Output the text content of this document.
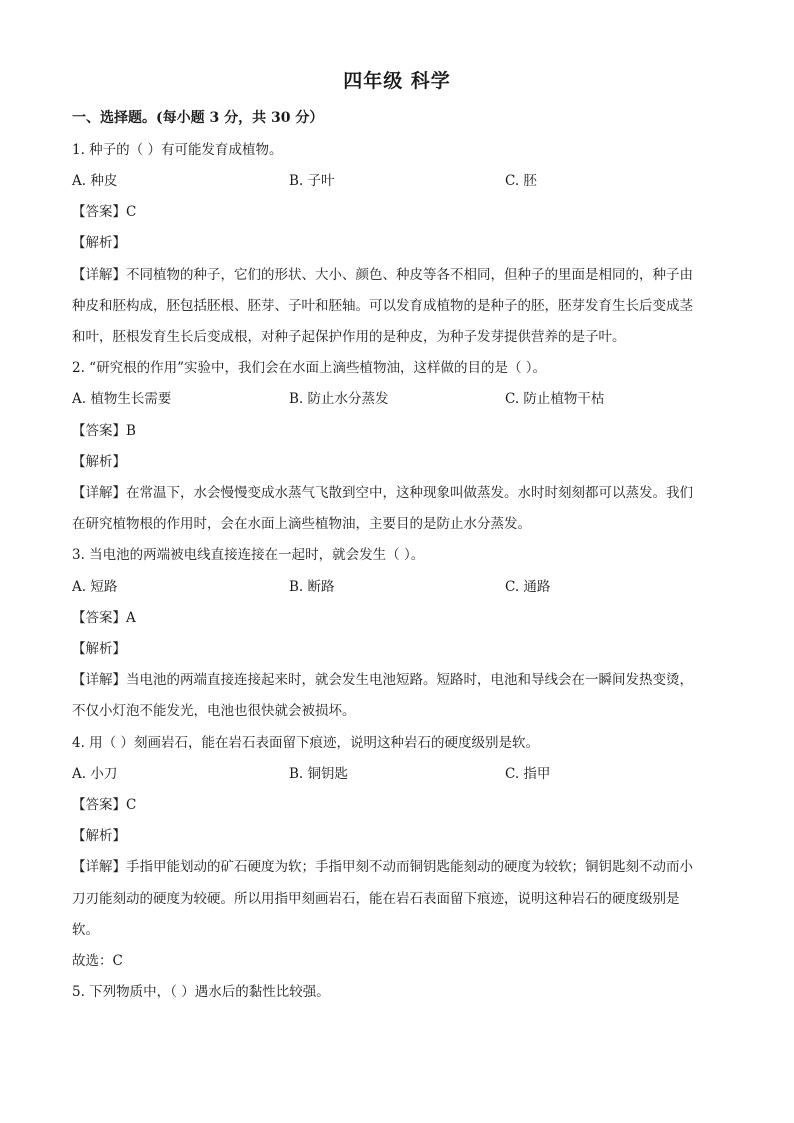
四年级 科学
一、选择题。(每小题 3 分，共 30 分）
1. 种子的（ ）有可能发育成植物。
A. 种皮	B. 子叶	C. 胚
【答案】C
【解析】
【详解】不同植物的种子，它们的形状、大小、颜色、种皮等各不相同，但种子的里面是相同的，种子由
种皮和胚构成，胚包括胚根、胚芽、子叶和胚轴。可以发育成植物的是种子的胚，胚芽发育生长后变成茎
和叶，胚根发育生长后变成根，对种子起保护作用的是种皮，为种子发芽提供营养的是子叶。
2. “研究根的作用”实验中，我们会在水面上滴些植物油，这样做的目的是（ ）。
A. 植物生长需要	B. 防止水分蒸发	C. 防止植物干枯
【答案】B
【解析】
【详解】在常温下，水会慢慢变成水蒸气飞散到空中，这种现象叫做蒸发。水时时刻刻都可以蒸发。我们
在研究植物根的作用时，会在水面上滴些植物油，主要目的是防止水分蒸发。
3. 当电池的两端被电线直接连接在一起时，就会发生（ ）。
A. 短路	B. 断路	C. 通路
【答案】A
【解析】
【详解】当电池的两端直接连接起来时，就会发生电池短路。短路时，电池和导线会在一瞬间发热变烫，
不仅小灯泡不能发光，电池也很快就会被损坏。
4. 用（ ）刻画岩石，能在岩石表面留下痕迹，说明这种岩石的硬度级别是软。
A. 小刀	B. 铜钥匙	C. 指甲
【答案】C
【解析】
【详解】手指甲能划动的矿石硬度为软；手指甲刻不动而铜钥匙能刻动的硬度为较软；铜钥匙刻不动而小
刀刃能刻动的硬度为较硬。所以用指甲刻画岩石，能在岩石表面留下痕迹，说明这种岩石的硬度级别是
软。
故选：C
5. 下列物质中，（ ）遇水后的黏性比较强。
